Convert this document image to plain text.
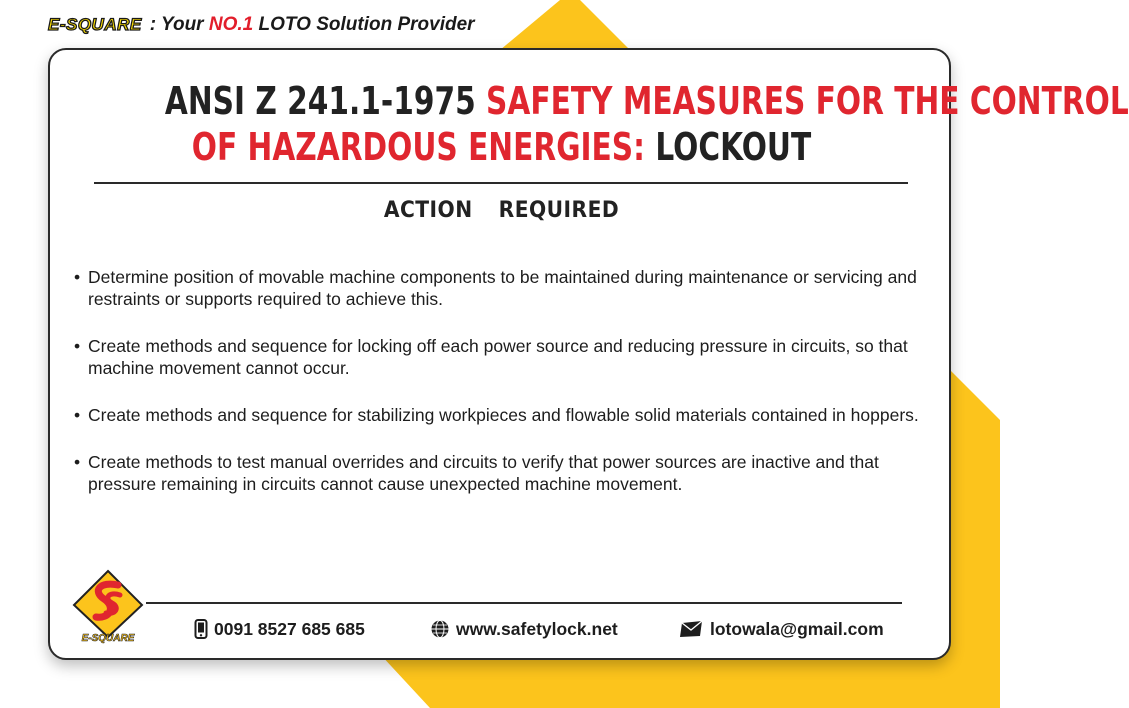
E-SQUARE : Your NO.1 LOTO Solution Provider
ANSI Z 241.1-1975 SAFETY MEASURES FOR THE CONTROL
OF HAZARDOUS ENERGIES: LOCKOUT
ACTION  REQUIRED
• Determine position of movable machine components to be maintained during maintenance or servicing and restraints or supports required to achieve this.
• Create methods and sequence for locking off each power source and reducing pressure in circuits, so that machine movement cannot occur.
• Create methods and sequence for stabilizing workpieces and flowable solid materials contained in hoppers.
• Create methods to test manual overrides and circuits to verify that power sources are inactive and that pressure remaining in circuits cannot cause unexpected machine movement.
E-SQUARE	0091 8527 685 685	www.safetylock.net	lotowala@gmail.com
